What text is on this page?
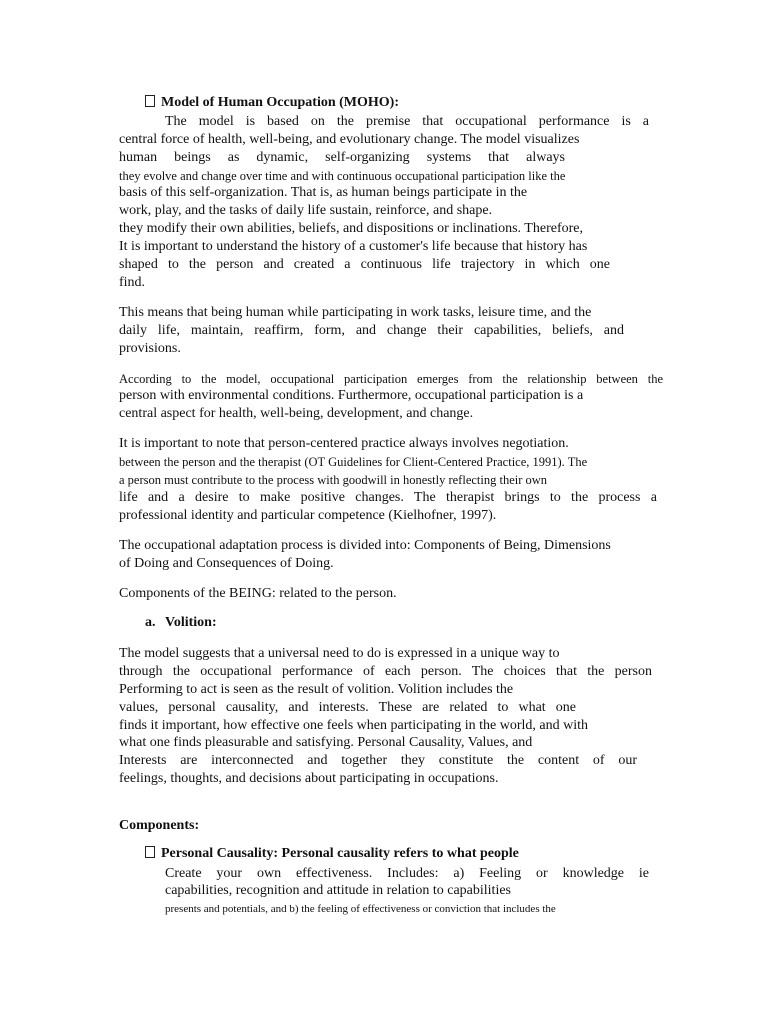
Model of Human Occupation (MOHO):
The model is based on the premise that occupational performance is a
central force of health, well-being, and evolutionary change. The model visualizes
human beings as dynamic, self-organizing systems that always
they evolve and change over time and with continuous occupational participation like the
basis of this self-organization. That is, as human beings participate in the
work, play, and the tasks of daily life sustain, reinforce, and shape.
they modify their own abilities, beliefs, and dispositions or inclinations. Therefore,
It is important to understand the history of a customer's life because that history has
shaped to the person and created a continuous life trajectory in which one
find.
This means that being human while participating in work tasks, leisure time, and the
daily life, maintain, reaffirm, form, and change their capabilities, beliefs, and
provisions.
According to the model, occupational participation emerges from the relationship between the
person with environmental conditions. Furthermore, occupational participation is a
central aspect for health, well-being, development, and change.
It is important to note that person-centered practice always involves negotiation.
between the person and the therapist (OT Guidelines for Client-Centered Practice, 1991). The
a person must contribute to the process with goodwill in honestly reflecting their own
life and a desire to make positive changes. The therapist brings to the process a
professional identity and particular competence (Kielhofner, 1997).
The occupational adaptation process is divided into: Components of Being, Dimensions
of Doing and Consequences of Doing.
Components of the BEING: related to the person.
a. Volition:
The model suggests that a universal need to do is expressed in a unique way to
through the occupational performance of each person. The choices that the person
Performing to act is seen as the result of volition. Volition includes the
values, personal causality, and interests. These are related to what one
finds it important, how effective one feels when participating in the world, and with
what one finds pleasurable and satisfying. Personal Causality, Values, and
Interests are interconnected and together they constitute the content of our
feelings, thoughts, and decisions about participating in occupations.
Components:
Personal Causality: Personal causality refers to what people
Create your own effectiveness. Includes: a) Feeling or knowledge ie
capabilities, recognition and attitude in relation to capabilities
presents and potentials, and b) the feeling of effectiveness or conviction that includes the
